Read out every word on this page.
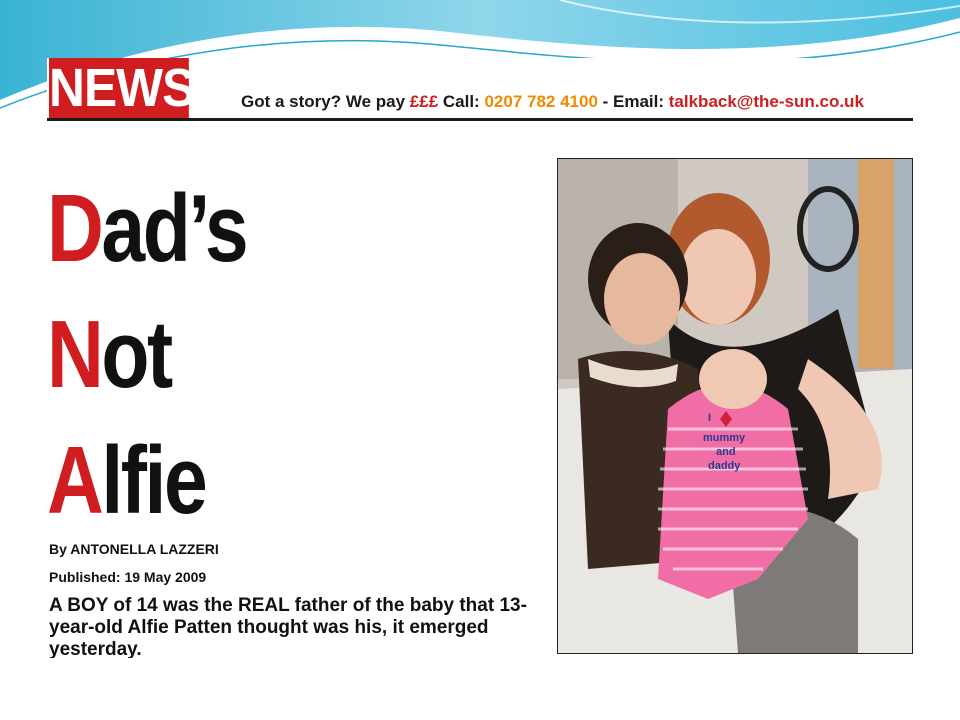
NEWS	Got a story? We pay £££ Call: 0207 782 4100 - Email: talkback@the-sun.co.uk
Dad’s
Not
Alfie
By ANTONELLA LAZZERI
Published: 19 May 2009
A BOY of 14 was the REAL father of the baby that 13-year-old Alfie Patten thought was his, it emerged yesterday.
I
mummy
and
daddy
